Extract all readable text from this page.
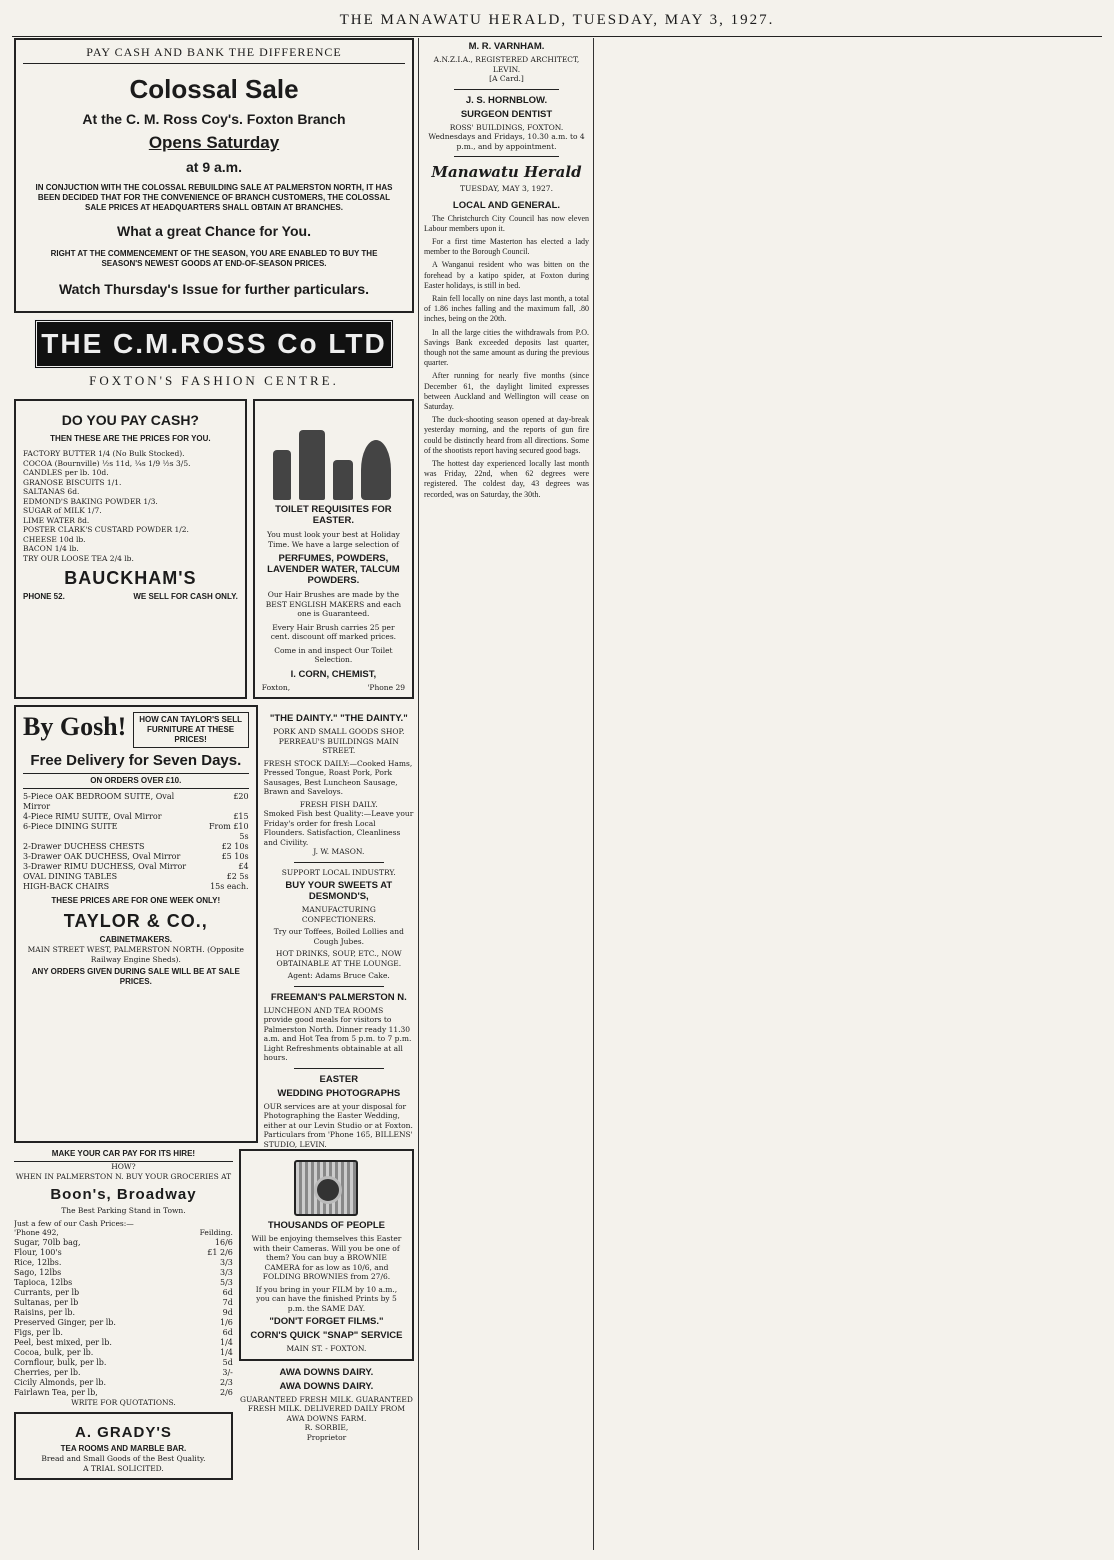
THE MANAWATU HERALD, TUESDAY, MAY 3, 1927.
PAY CASH AND BANK THE DIFFERENCE
Colossal Sale
At the C. M. Ross Coy's. Foxton Branch
Opens Saturday
at 9 a.m.
IN CONJUCTION WITH THE COLOSSAL REBUILDING SALE AT PALMERSTON NORTH, IT HAS BEEN DECIDED THAT FOR THE CONVENIENCE OF BRANCH CUSTOMERS, THE COLOSSAL SALE PRICES AT HEADQUARTERS SHALL OBTAIN AT BRANCHES.
What a great Chance for You.
RIGHT AT THE COMMENCEMENT OF THE SEASON, YOU ARE ENABLED TO BUY THE SEASON'S NEWEST GOODS AT END-OF-SEASON PRICES.
Watch Thursday's Issue for further particulars.
THE C.M.ROSS Co LTD
FOXTON'S FASHION CENTRE.
DO YOU PAY CASH?
THEN THESE ARE THE PRICES FOR YOU.
FACTORY BUTTER 1/4 (No Bulk Stocked).
COCOA (Bournville) ½s 11d, ¼s 1/9 ½s 3/5.
CANDLES per lb. 10d.
GRANOSE BISCUITS 1/1.
SALTANAS 6d.
EDMOND'S BAKING POWDER 1/3.
SUGAR of MILK 1/7.
LIME WATER 8d.
POSTER CLARK'S CUSTARD POWDER 1/2.
CHEESE 10d lb.
BACON 1/4 lb.
TRY OUR LOOSE TEA 2/4 lb.
BAUCKHAM'S
PHONE 52.	WE SELL FOR CASH ONLY.
TOILET REQUISITES FOR EASTER.
You must look your best at Holiday Time. We have a large selection of
PERFUMES, POWDERS, LAVENDER WATER, TALCUM POWDERS.
Our Hair Brushes are made by the BEST ENGLISH MAKERS and each one is Guaranteed.
Every Hair Brush carries 25 per cent. discount off marked prices.
Come in and inspect Our Toilet Selection.
I. CORN, CHEMIST,
Foxton,	'Phone 29
By Gosh!	HOW CAN TAYLOR'S SELL FURNITURE AT THESE PRICES!
Free Delivery for Seven Days.
ON ORDERS OVER £10.
5-Piece OAK BEDROOM SUITE, Oval Mirror
£20
4-Piece RIMU SUITE, Oval Mirror	£15
6-Piece DINING SUITE	From £10 5s
2-Drawer DUCHESS CHESTS	£2 10s
3-Drawer OAK DUCHESS, Oval Mirror	£5 10s
3-Drawer RIMU DUCHESS, Oval Mirror	£4
OVAL DINING TABLES	£2 5s
HIGH-BACK CHAIRS	15s each.
THESE PRICES ARE FOR ONE WEEK ONLY!
TAYLOR & CO.,
CABINETMAKERS.
MAIN STREET WEST, PALMERSTON NORTH. (Opposite Railway Engine Sheds).
ANY ORDERS GIVEN DURING SALE WILL BE AT SALE PRICES.
"THE DAINTY." "THE DAINTY."
PORK AND SMALL GOODS SHOP.
PERREAU'S BUILDINGS MAIN STREET.
FRESH STOCK DAILY:—Cooked Hams, Pressed Tongue, Roast Pork, Pork Sausages, Best Luncheon Sausage, Brawn and Saveloys.
FRESH FISH DAILY.
Smoked Fish best Quality:—Leave your Friday's order for fresh Local Flounders. Satisfaction, Cleanliness and Civility.
J. W. MASON.
SUPPORT LOCAL INDUSTRY.
BUY YOUR SWEETS AT DESMOND'S,
MANUFACTURING CONFECTIONERS.
Try our Toffees, Boiled Lollies and Cough Jubes.
HOT DRINKS, SOUP, ETC., NOW OBTAINABLE AT THE LOUNGE.
Agent: Adams Bruce Cake.
FREEMAN'S PALMERSTON N.
LUNCHEON AND TEA ROOMS provide good meals for visitors to Palmerston North. Dinner ready 11.30 a.m. and Hot Tea from 5 p.m. to 7 p.m. Light Refreshments obtainable at all hours.
EASTER
WEDDING PHOTOGRAPHS
OUR services are at your disposal for Photographing the Easter Wedding, either at our Levin Studio or at Foxton. Particulars from 'Phone 165, BILLENS' STUDIO, LEVIN.
MAKE YOUR CAR PAY FOR ITS HIRE!
HOW?
WHEN IN PALMERSTON N. BUY YOUR GROCERIES AT
Boon's, Broadway
The Best Parking Stand in Town.
Just a few of our Cash Prices:—
'Phone 492,	Feilding.
Sugar, 70lb bag,	16/6
Flour, 100's	£1 2/6
Rice, 12lbs.	3/3
Sago, 12lbs	3/3
Tapioca, 12lbs	5/3
Currants, per lb	6d
Sultanas, per lb	7d
Raisins, per lb.	9d
Preserved Ginger, per lb.	1/6
Figs, per lb.	6d
Peel, best mixed, per lb.	1/4
Cocoa, bulk, per lb.	1/4
Cornflour, bulk, per lb.	5d
Cherries, per lb.	3/-
Cicily Almonds, per lb.	2/3
Fairlawn Tea, per lb,	2/6
WRITE FOR QUOTATIONS.
A. GRADY'S
TEA ROOMS AND MARBLE BAR.
Bread and Small Goods of the Best Quality.
A TRIAL SOLICITED.
THOUSANDS OF PEOPLE
Will be enjoying themselves this Easter with their Cameras. Will you be one of them? You can buy a BROWNIE CAMERA for as low as 10/6, and FOLDING BROWNIES from 27/6.
If you bring in your FILM by 10 a.m., you can have the finished Prints by 5 p.m. the SAME DAY.
"DON'T FORGET FILMS."
CORN'S QUICK "SNAP" SERVICE
MAIN ST. - FOXTON.
AWA DOWNS DAIRY.
AWA DOWNS DAIRY.
GUARANTEED FRESH MILK. GUARANTEED FRESH MILK. DELIVERED DAILY FROM AWA DOWNS FARM.
R. SORBIE,
Proprietor
M. R. VARNHAM.
A.N.Z.I.A., REGISTERED ARCHITECT,
LEVIN.
[A Card.]
J. S. HORNBLOW.
SURGEON DENTIST
ROSS' BUILDINGS, FOXTON.
Wednesdays and Fridays, 10.30 a.m. to 4 p.m., and by appointment.
Manawatu Herald
TUESDAY, MAY 3, 1927.
LOCAL AND GENERAL.

The Christchurch City Council has now eleven Labour members upon it.

For a first time Masterton has elected a lady member to the Borough Council.

A Wanganui resident who was bitten on the forehead by a katipo spider, at Foxton during Easter holidays, is still in bed.

Rain fell locally on nine days last month, a total of 1.86 inches falling and the maximum fall, .80 inches, being on the 20th.

In all the large cities the withdrawals from P.O. Savings Bank exceeded deposits last quarter, though not the same amount as during the previous quarter.

After running for nearly five months (since December 61, the daylight limited expresses between Auckland and Wellington will cease on Saturday.

The duck-shooting season opened at day-break yesterday morning, and the reports of gun fire could be distinctly heard from all directions. Some of the shootists report having secured good bags.

The hottest day experienced locally last month was Friday, 22nd, when 62 degrees were registered. The coldest day, 43 degrees was recorded, was on Saturday, the 30th.
